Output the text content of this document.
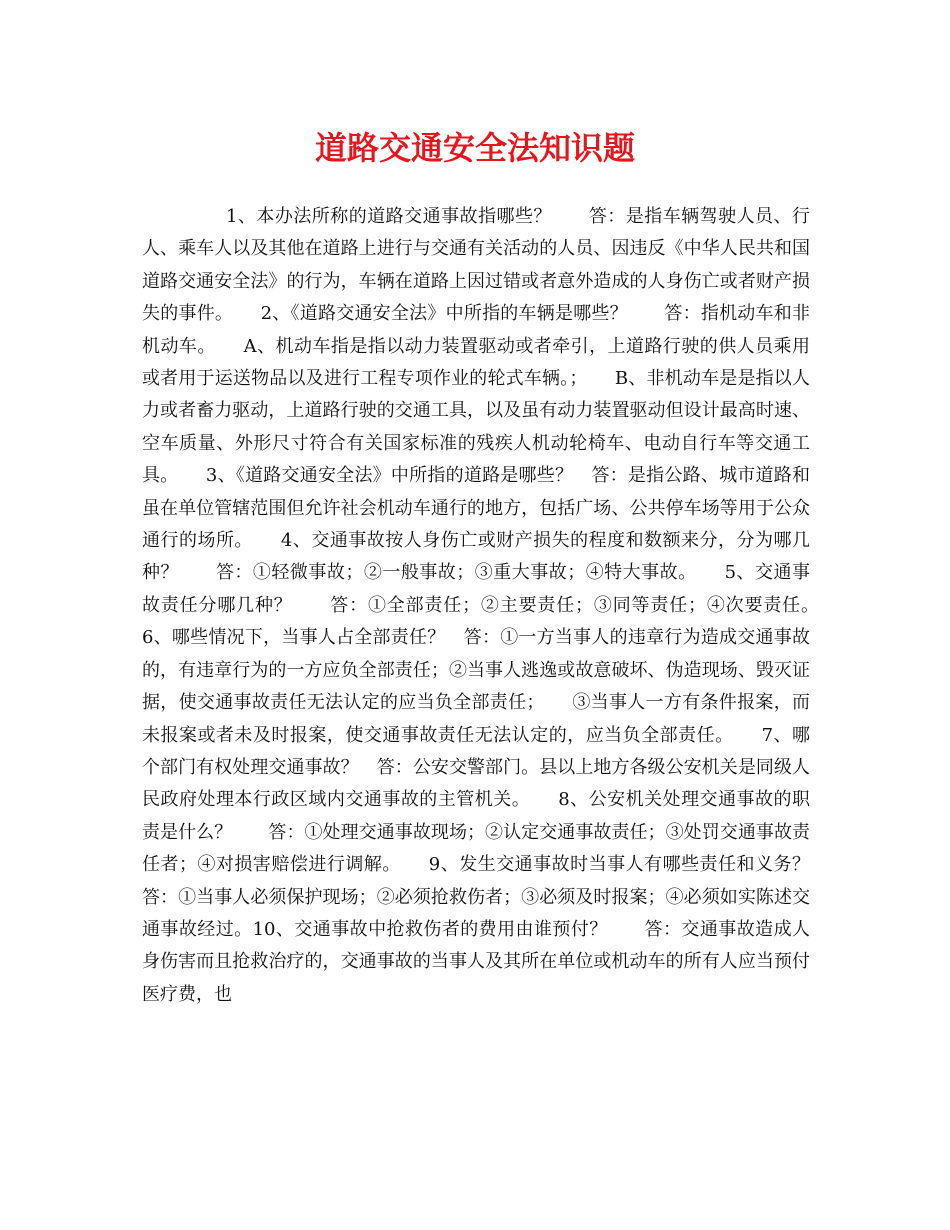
道路交通安全法知识题

1、本办法所称的道路交通事故指哪些？　　答：是指车辆驾驶人员、行人、乘车人以及其他在道路上进行与交通有关活动的人员、因违反《中华人民共和国道路交通安全法》的行为，车辆在道路上因过错或者意外造成的人身伤亡或者财产损失的事件。　　2、《道路交通安全法》中所指的车辆是哪些？　　答：指机动车和非机动车。　　A、机动车指是指以动力装置驱动或者牵引，上道路行驶的供人员乘用或者用于运送物品以及进行工程专项作业的轮式车辆。；　　B、非机动车是是指以人力或者畜力驱动，上道路行驶的交通工具，以及虽有动力装置驱动但设计最高时速、空车质量、外形尺寸符合有关国家标准的残疾人机动轮椅车、电动自行车等交通工具。　　3、《道路交通安全法》中所指的道路是哪些？　答：是指公路、城市道路和虽在单位管辖范围但允许社会机动车通行的地方，包括广场、公共停车场等用于公众通行的场所。　　4、交通事故按人身伤亡或财产损失的程度和数额来分，分为哪几种？　　答：①轻微事故；②一般事故；③重大事故；④特大事故。　　5、交通事故责任分哪几种？　　答：①全部责任；②主要责任；③同等责任；④次要责任。　　6、哪些情况下，当事人占全部责任？　答：①一方当事人的违章行为造成交通事故的，有违章行为的一方应负全部责任；②当事人逃逸或故意破坏、伪造现场、毁灭证据，使交通事故责任无法认定的应当负全部责任；　　③当事人一方有条件报案，而未报案或者未及时报案，使交通事故责任无法认定的，应当负全部责任。　　7、哪个部门有权处理交通事故？　答：公安交警部门。县以上地方各级公安机关是同级人民政府处理本行政区域内交通事故的主管机关。　　8、公安机关处理交通事故的职责是什么？　　答：①处理交通事故现场；②认定交通事故责任；③处罚交通事故责任者；④对损害赔偿进行调解。　　9、发生交通事故时当事人有哪些责任和义务？　　答：①当事人必须保护现场；②必须抢救伤者；③必须及时报案；④必须如实陈述交通事故经过。10、交通事故中抢救伤者的费用由谁预付？　　答：交通事故造成人身伤害而且抢救治疗的，交通事故的当事人及其所在单位或机动车的所有人应当预付医疗费，也
